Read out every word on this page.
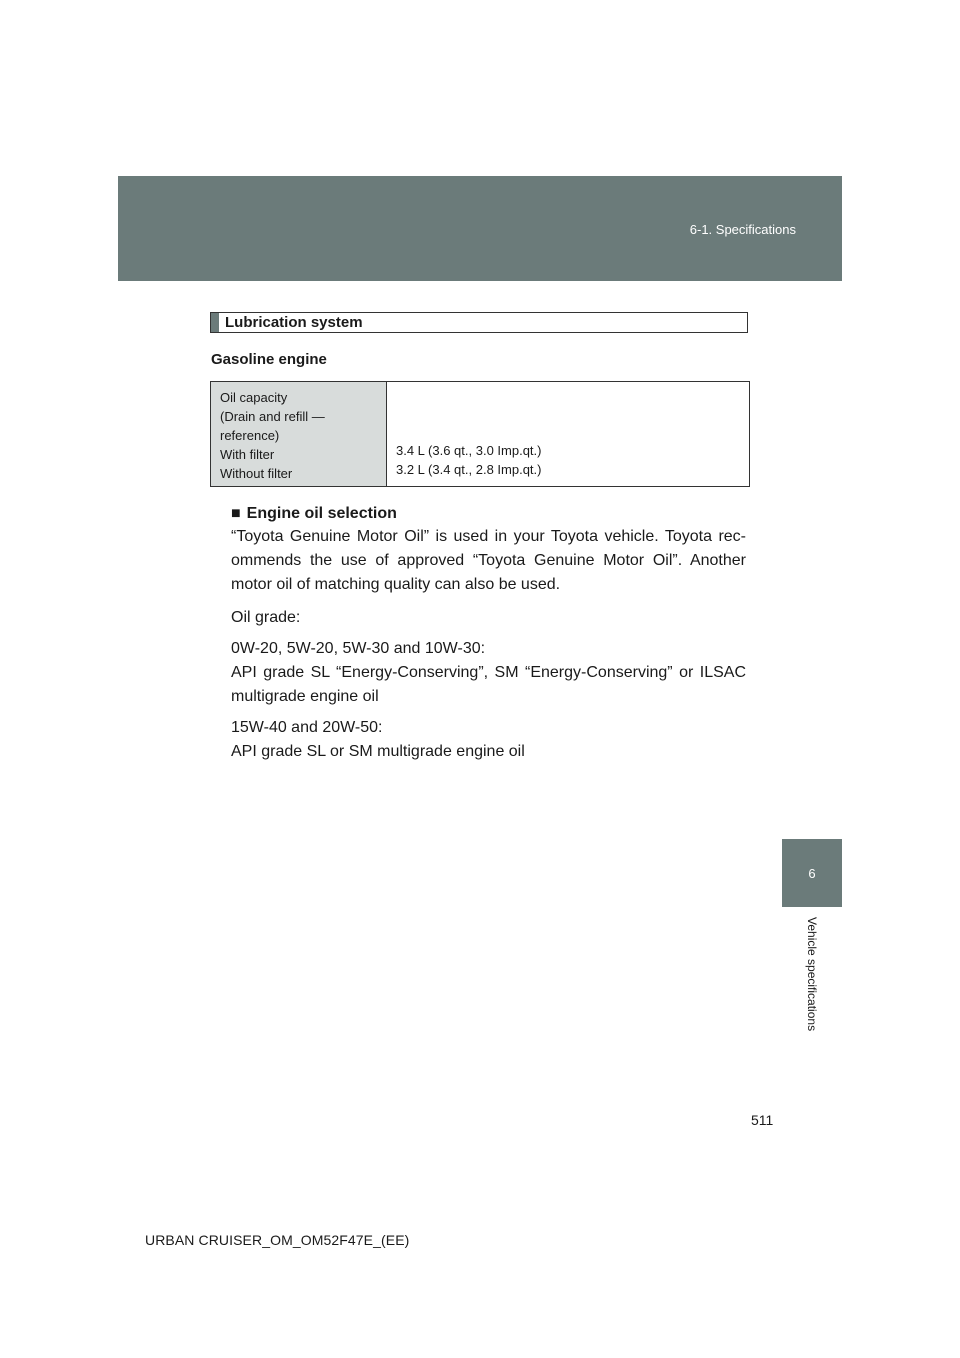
6-1. Specifications
6
Vehicle specifications
Lubrication system
Gasoline engine
Oil capacity
(Drain and refill —
reference)
With filter
Without filter
3.4 L (3.6 qt., 3.0 Imp.qt.)
3.2 L (3.4 qt., 2.8 Imp.qt.)
■ Engine oil selection
“Toyota Genuine Motor Oil” is used in your Toyota vehicle. Toyota rec-ommends the use of approved “Toyota Genuine Motor Oil”. Another motor oil of matching quality can also be used.
Oil grade:
0W-20, 5W-20, 5W-30 and 10W-30:
API grade SL “Energy-Conserving”, SM “Energy-Conserving” or ILSAC multigrade engine oil
15W-40 and 20W-50:
API grade SL or SM multigrade engine oil
511
URBAN CRUISER_OM_OM52F47E_(EE)
